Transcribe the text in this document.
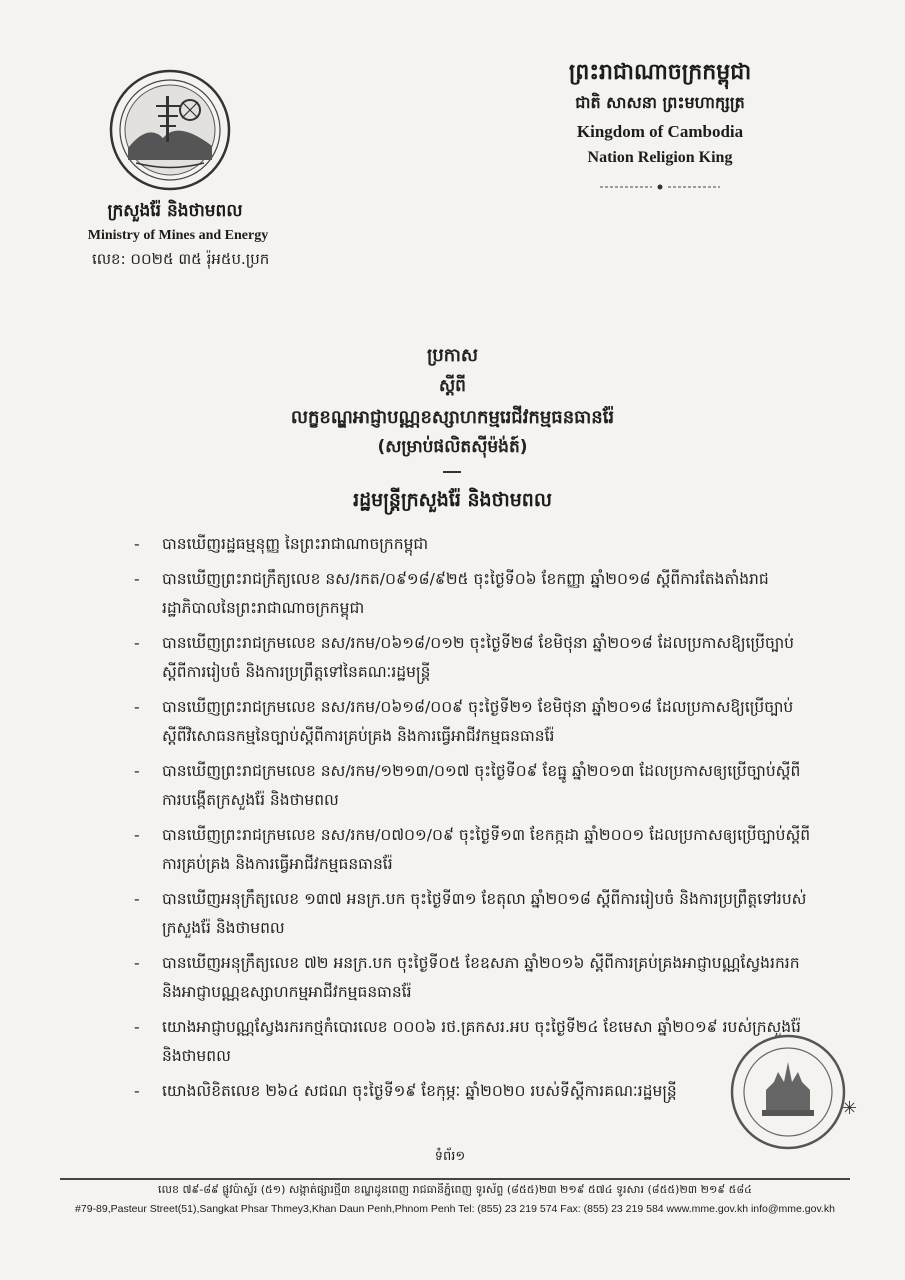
ក្រសួងរ៉ែ និងថាមពល
Ministry of Mines and Energy
លេខ: ០០២៥ ៣៥ រ៉ុអ៥ប.ប្រក
ព្រះរាជាណាចក្រកម្ពុជា
ជាតិ សាសនា ព្រះមហាក្សត្រ
Kingdom of Cambodia
Nation Religion King
ប្រកាស
ស្តីពី
លក្ខខណ្ឌអាជ្ញាបណ្ណខស្សាហកម្មរេជីវកម្មធនធានរ៉ែ
(សម្រាប់ផលិតស៊ីម៉ង់ត៍)
រដ្ឋមន្ត្រីក្រសួងរ៉ែ និងថាមពល
- បានឃើញរដ្ឋធម្មនុញ្ញ នៃព្រះរាជាណាចក្រកម្ពុជា
- បានឃើញព្រះរាជក្រឹត្យលេខ នស/រកត/០៩១៨/៩២៥ ចុះថ្ងៃទី០៦ ខែកញ្ញា ឆ្នាំ២០១៨ ស្តីពីការតែងតាំងរាជរដ្ឋាភិបាលនៃព្រះរាជាណាចក្រកម្ពុជា
- បានឃើញព្រះរាជក្រមលេខ នស/រកម/០៦១៨/០១២ ចុះថ្ងៃទី២៨ ខែមិថុនា ឆ្នាំ២០១៨ ដែលប្រកាសឱ្យប្រើច្បាប់ស្តីពីការរៀបចំ និងការប្រព្រឹត្តទៅនៃគណៈរដ្ឋមន្ត្រី
- បានឃើញព្រះរាជក្រមលេខ នស/រកម/០៦១៨/០០៩ ចុះថ្ងៃទី២១ ខែមិថុនា ឆ្នាំ២០១៨ ដែលប្រកាសឱ្យប្រើច្បាប់ស្តីពីវិសោធនកម្មនៃច្បាប់ស្តីពីការគ្រប់គ្រង និងការធ្វើអាជីវកម្មធនធានរ៉ែ
- បានឃើញព្រះរាជក្រមលេខ នស/រកម/១២១៣/០១៧ ចុះថ្ងៃទី០៩ ខែធ្នូ ឆ្នាំ២០១៣ ដែលប្រកាសឲ្យប្រើច្បាប់ស្តីពីការបង្កើតក្រសួងរ៉ែ និងថាមពល
- បានឃើញព្រះរាជក្រមលេខ នស/រកម/០៧០១/០៩ ចុះថ្ងៃទី១៣ ខែកក្កដា ឆ្នាំ២០០១ ដែលប្រកាសឲ្យប្រើច្បាប់ស្តីពីការគ្រប់គ្រង និងការធ្វើអាជីវកម្មធនធានរ៉ែ
- បានឃើញអនុក្រឹត្យលេខ ១៣៧ អនក្រ.បក ចុះថ្ងៃទី៣១ ខែតុលា ឆ្នាំ២០១៨ ស្តីពីការរៀបចំ និងការប្រព្រឹត្តទៅរបស់ក្រសួងរ៉ែ និងថាមពល
- បានឃើញអនុក្រឹត្យលេខ ៧២ អនក្រ.បក ចុះថ្ងៃទី០៥ ខែឧសភា ឆ្នាំ២០១៦ ស្តីពីការគ្រប់គ្រងអាជ្ញាបណ្ណស្វែងរករក និងអាជ្ញាបណ្ណឧស្សាហកម្មអាជីវកម្មធនធានរ៉ែ
- យោងអាជ្ញាបណ្ណស្វែងរករកថ្មកំបោរលេខ ០០០៦ រថ.គ្រកសរ.អប ចុះថ្ងៃទី២៤ ខែមេសា ឆ្នាំ២០១៩ របស់ក្រសួងរ៉ែ និងថាមពល
- យោងលិខិតលេខ ២៦៤ សជណ ចុះថ្ងៃទី១៩ ខែកុម្ភៈ ឆ្នាំ២០២០ របស់ទីស្តីការគណៈរដ្ឋមន្ត្រី
✳
ទំព័រ១
លេខ ៧៩-៨៩ ផ្លូវប៉ាស្ទ័រ (៥១) សង្កាត់ផ្សារថ្មី៣ ខណ្ឌដូនពេញ រាជធានីភ្នំពេញ ទូរស័ព្ទ (៨៥៥)២៣ ២១៩ ៥៧៤ ទូរសារ (៨៥៥)២៣ ២១៩ ៥៨៤
#79-89,Pasteur Street(51),Sangkat Phsar Thmey3,Khan Daun Penh,Phnom Penh Tel: (855) 23 219 574 Fax: (855) 23 219 584 www.mme.gov.kh info@mme.gov.kh
